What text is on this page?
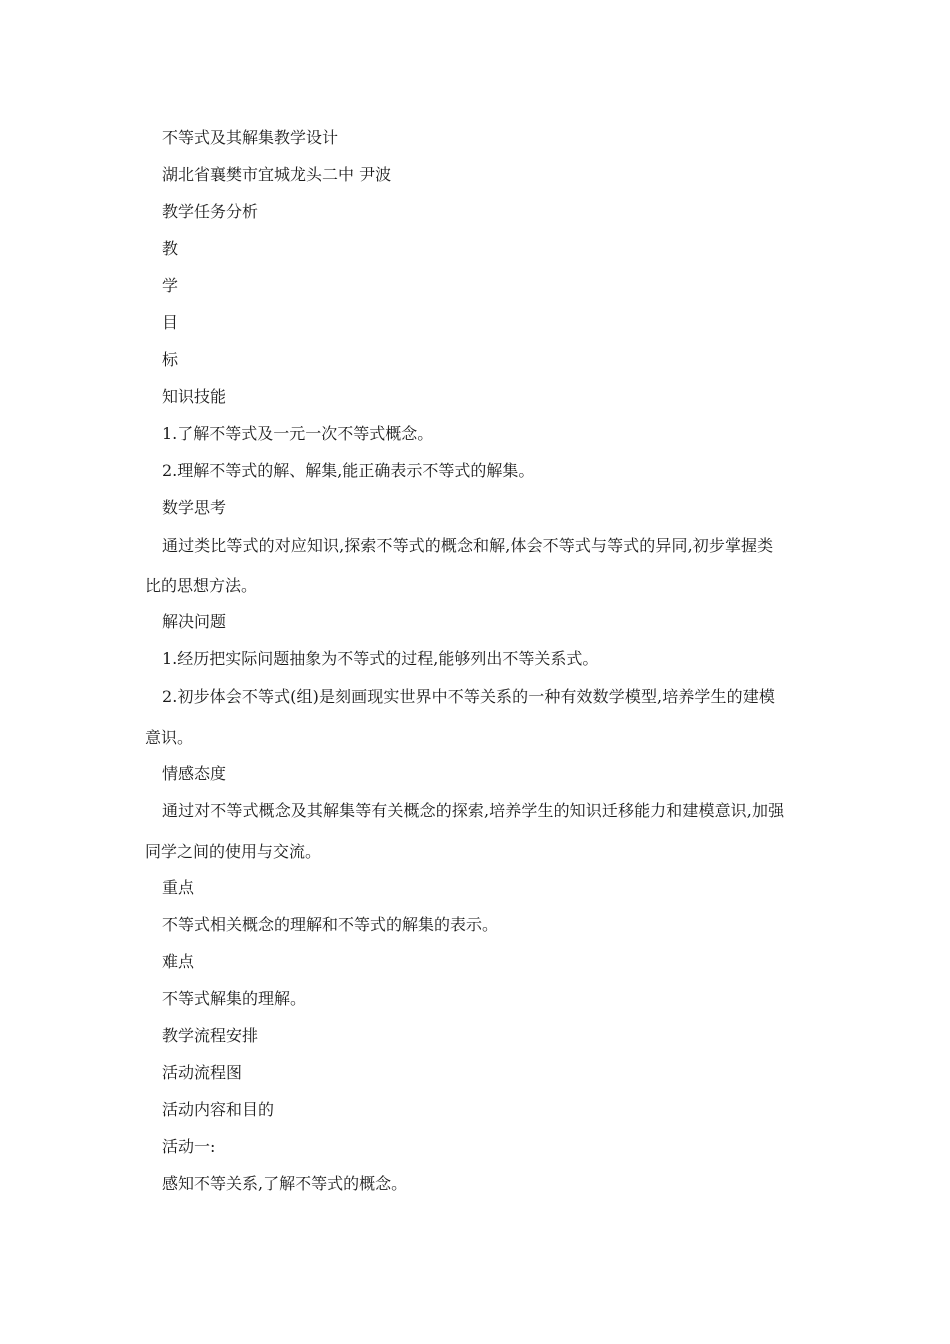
不等式及其解集教学设计
湖北省襄樊市宜城龙头二中 尹波
教学任务分析
教
学
目
标
知识技能
1.了解不等式及一元一次不等式概念。
2.理解不等式的解、解集,能正确表示不等式的解集。
数学思考
通过类比等式的对应知识,探索不等式的概念和解,体会不等式与等式的异同,初步掌握类
比的思想方法。
解决问题
1.经历把实际问题抽象为不等式的过程,能够列出不等关系式。
2.初步体会不等式(组)是刻画现实世界中不等关系的一种有效数学模型,培养学生的建模
意识。
情感态度
通过对不等式概念及其解集等有关概念的探索,培养学生的知识迁移能力和建模意识,加强
同学之间的使用与交流。
重点
不等式相关概念的理解和不等式的解集的表示。
难点
不等式解集的理解。
教学流程安排
活动流程图
活动内容和目的
活动一:
感知不等关系,了解不等式的概念。
